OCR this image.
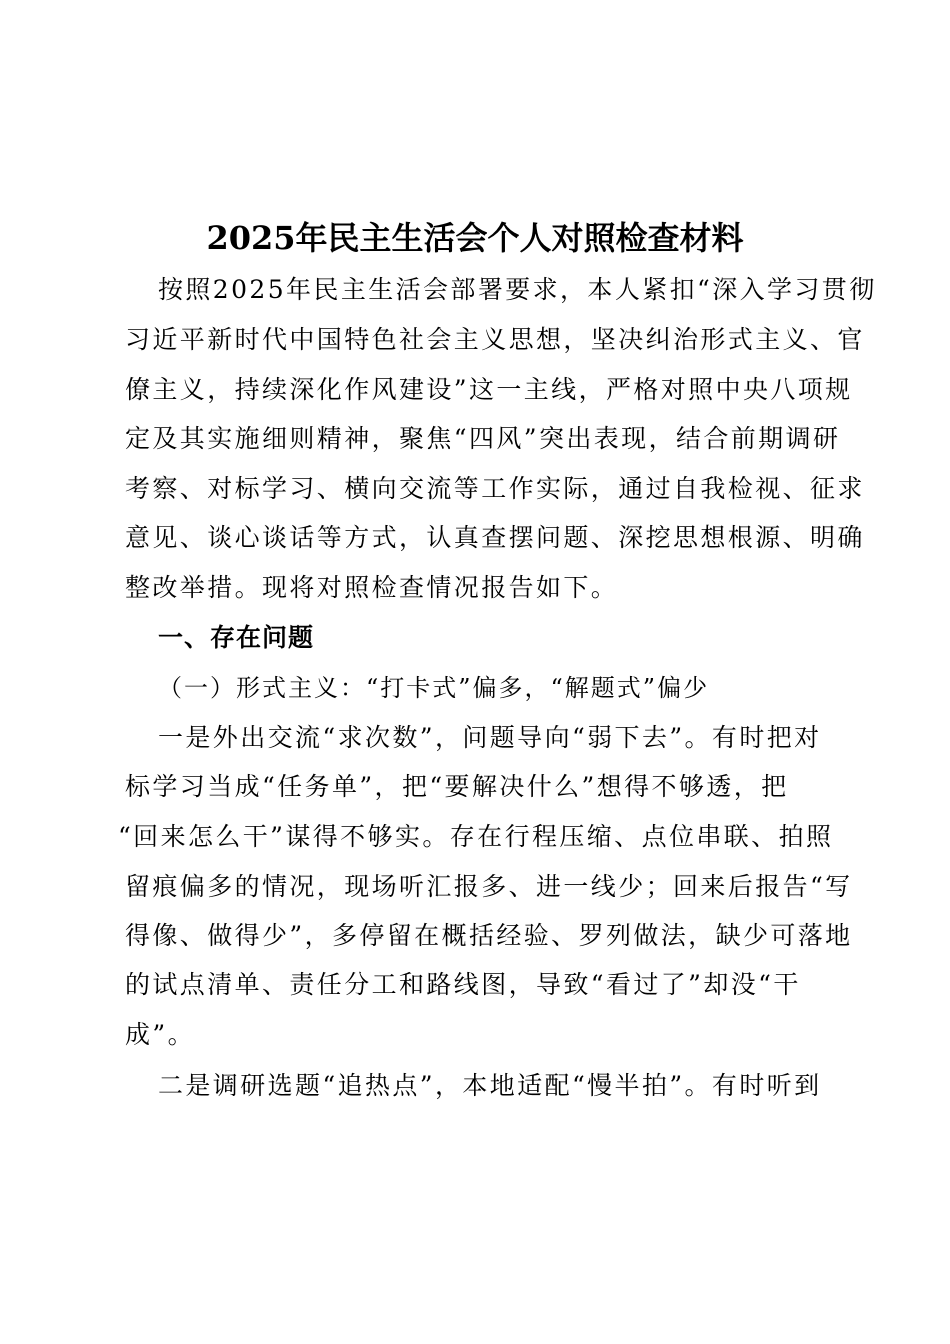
2025年民主生活会个人对照检查材料
按照2025年民主生活会部署要求，本人紧扣“深入学习贯彻
习近平新时代中国特色社会主义思想，坚决纠治形式主义、官
僚主义，持续深化作风建设”这一主线，严格对照中央八项规
定及其实施细则精神，聚焦“四风”突出表现，结合前期调研
考察、对标学习、横向交流等工作实际，通过自我检视、征求
意见、谈心谈话等方式，认真查摆问题、深挖思想根源、明确
整改举措。现将对照检查情况报告如下。
一、存在问题
（一）形式主义：“打卡式”偏多，“解题式”偏少
一是外出交流“求次数”，问题导向“弱下去”。有时把对
标学习当成“任务单”，把“要解决什么”想得不够透，把
“回来怎么干”谋得不够实。存在行程压缩、点位串联、拍照
留痕偏多的情况，现场听汇报多、进一线少；回来后报告“写
得像、做得少”，多停留在概括经验、罗列做法，缺少可落地
的试点清单、责任分工和路线图，导致“看过了”却没“干
成”。
二是调研选题“追热点”，本地适配“慢半拍”。有时听到
